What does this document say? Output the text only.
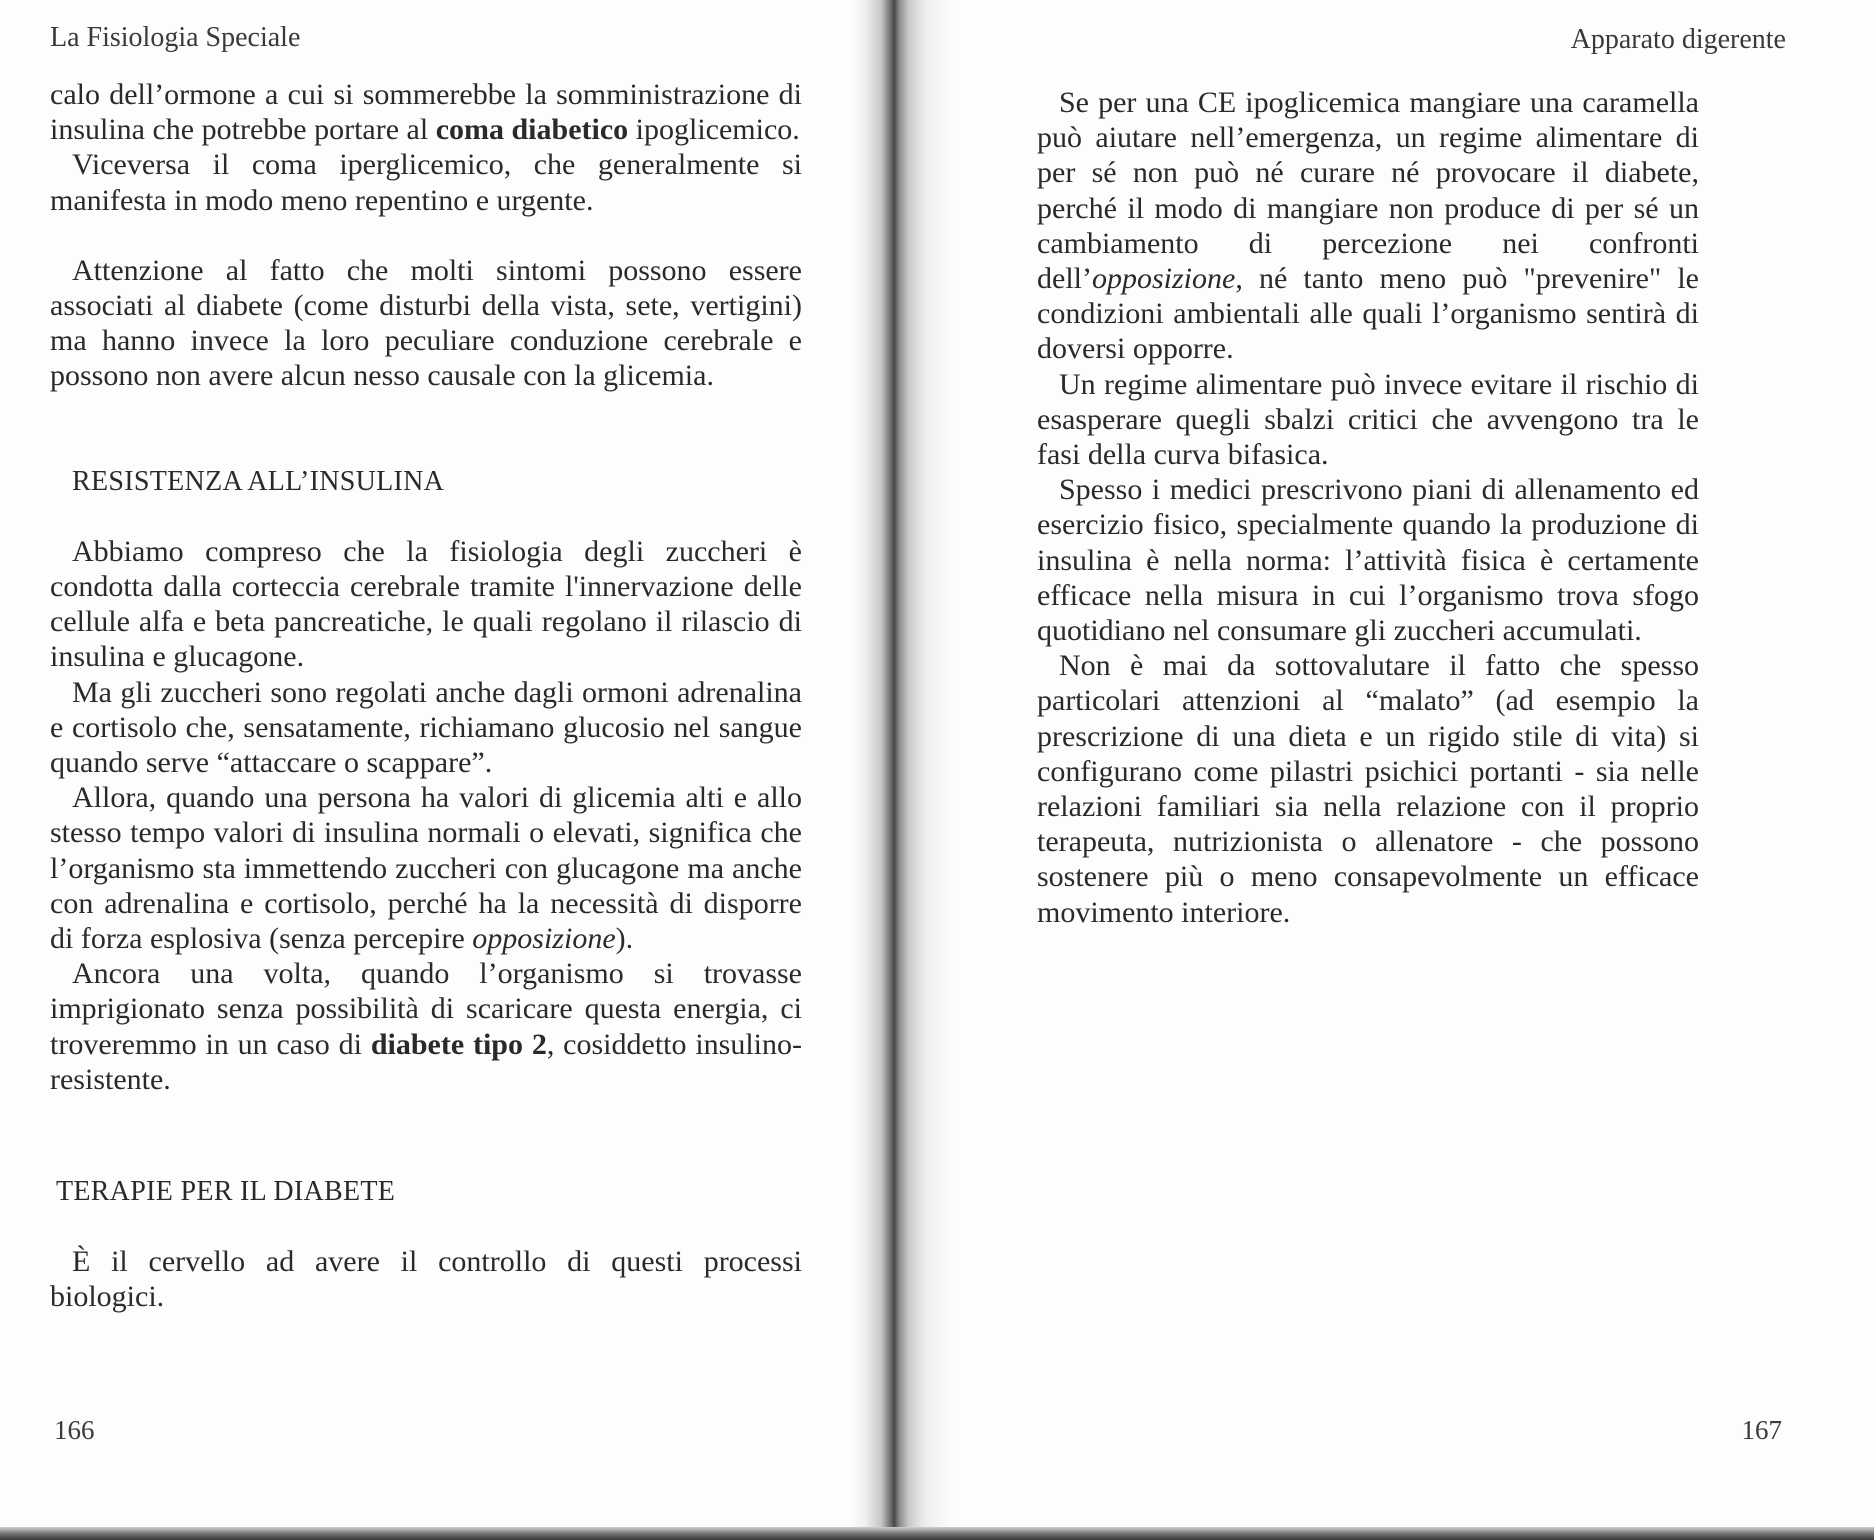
La Fisiologia Speciale

calo dell’ormone a cui si sommerebbe la somministrazione di insulina che potrebbe portare al coma diabetico ipoglicemico.

Viceversa il coma iperglicemico, che generalmente si manifesta in modo meno repentino e urgente.

Attenzione al fatto che molti sintomi possono essere associati al diabete (come disturbi della vista, sete, vertigini) ma hanno invece la loro peculiare conduzione cerebrale e possono non avere alcun nesso causale con la glicemia.

RESISTENZA ALL’INSULINA

Abbiamo compreso che la fisiologia degli zuccheri è condotta dalla corteccia cerebrale tramite l'innervazione delle cellule alfa e beta pancreatiche, le quali regolano il rilascio di insulina e glucagone.

Ma gli zuccheri sono regolati anche dagli ormoni adrenalina e cortisolo che, sensatamente, richiamano glucosio nel sangue quando serve “attaccare o scappare”.

Allora, quando una persona ha valori di glicemia alti e allo stesso tempo valori di insulina normali o elevati, significa che l’organismo sta immettendo zuccheri con glucagone ma anche con adrenalina e cortisolo, perché ha la necessità di disporre di forza esplosiva (senza percepire opposizione).

Ancora una volta, quando l’organismo si trovasse imprigionato senza possibilità di scaricare questa energia, ci troveremmo in un caso di diabete tipo 2, cosiddetto insulino-resistente.

TERAPIE PER IL DIABETE

È il cervello ad avere il controllo di questi processi biologici.

166
Apparato digerente

Se per una CE ipoglicemica mangiare una caramella può aiutare nell’emergenza, un regime alimentare di per sé non può né curare né provocare il diabete, perché il modo di mangiare non produce di per sé un cambiamento di percezione nei confronti dell’opposizione, né tanto meno può "prevenire" le condizioni ambientali alle quali l’organismo sentirà di doversi opporre.

Un regime alimentare può invece evitare il rischio di esasperare quegli sbalzi critici che avvengono tra le fasi della curva bifasica.

Spesso i medici prescrivono piani di allenamento ed esercizio fisico, specialmente quando la produzione di insulina è nella norma: l’attività fisica è certamente efficace nella misura in cui l’organismo trova sfogo quotidiano nel consumare gli zuccheri accumulati.

Non è mai da sottovalutare il fatto che spesso particolari attenzioni al “malato” (ad esempio la prescrizione di una dieta e un rigido stile di vita) si configurano come pilastri psichici portanti - sia nelle relazioni familiari sia nella relazione con il proprio terapeuta, nutrizionista o allenatore - che possono sostenere più o meno consapevolmente un efficace movimento interiore.

167
